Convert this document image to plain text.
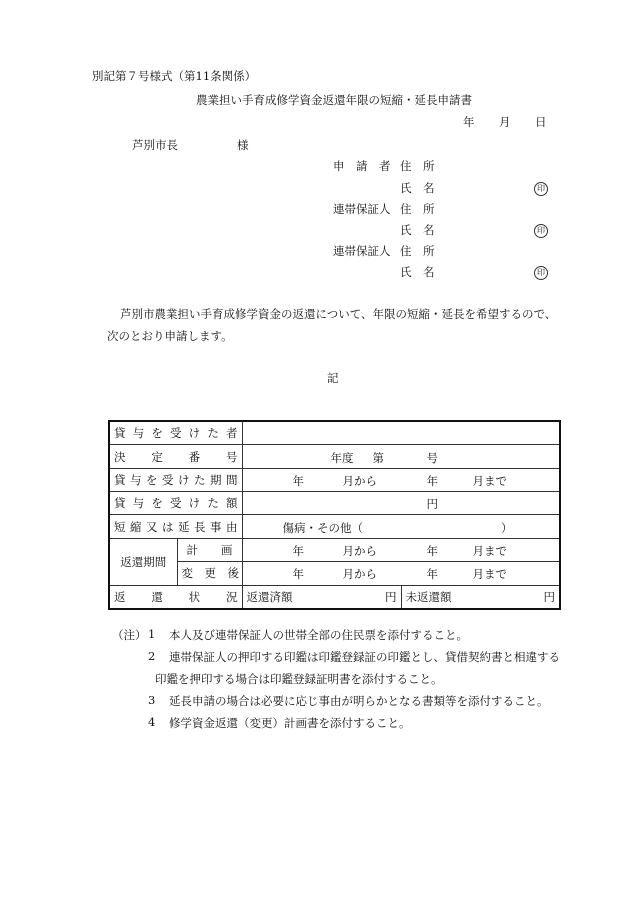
別記第７号様式（第11条関係）
農業担い手育成修学資金返還年限の短縮・延長申請書
年 月 日
芦別市長	様
申　請　者 住　所
氏　名	印
連帯保証人 住　所
氏　名	印
連帯保証人 住　所
氏　名	印
芦別市農業担い手育成修学資金の返還について、年限の短縮・延長を希望するので、
次のとおり申請します。
記
貸与を受けた者			
決定番号		年度 第 号	

貸与を受けた期間		年 月から 年 月まで	

貸与を受けた額		円	

短縮又は延長事由		傷病・その他（　　　　　　　　　　　　）	

返還期間	計　　画	年 月から 年 月まで	

	変　更　後	年 月から 年 月まで	

返還状況		返還済額 円	未返還額 円
（注） 1 本人及び連帯保証人の世帯全部の住民票を添付すること。
2 連帯保証人の押印する印鑑は印鑑登録証の印鑑とし、貸借契約書と相違する
印鑑を押印する場合は印鑑登録証明書を添付すること。
3 延長申請の場合は必要に応じ事由が明らかとなる書類等を添付すること。
4 修学資金返還（変更）計画書を添付すること。
